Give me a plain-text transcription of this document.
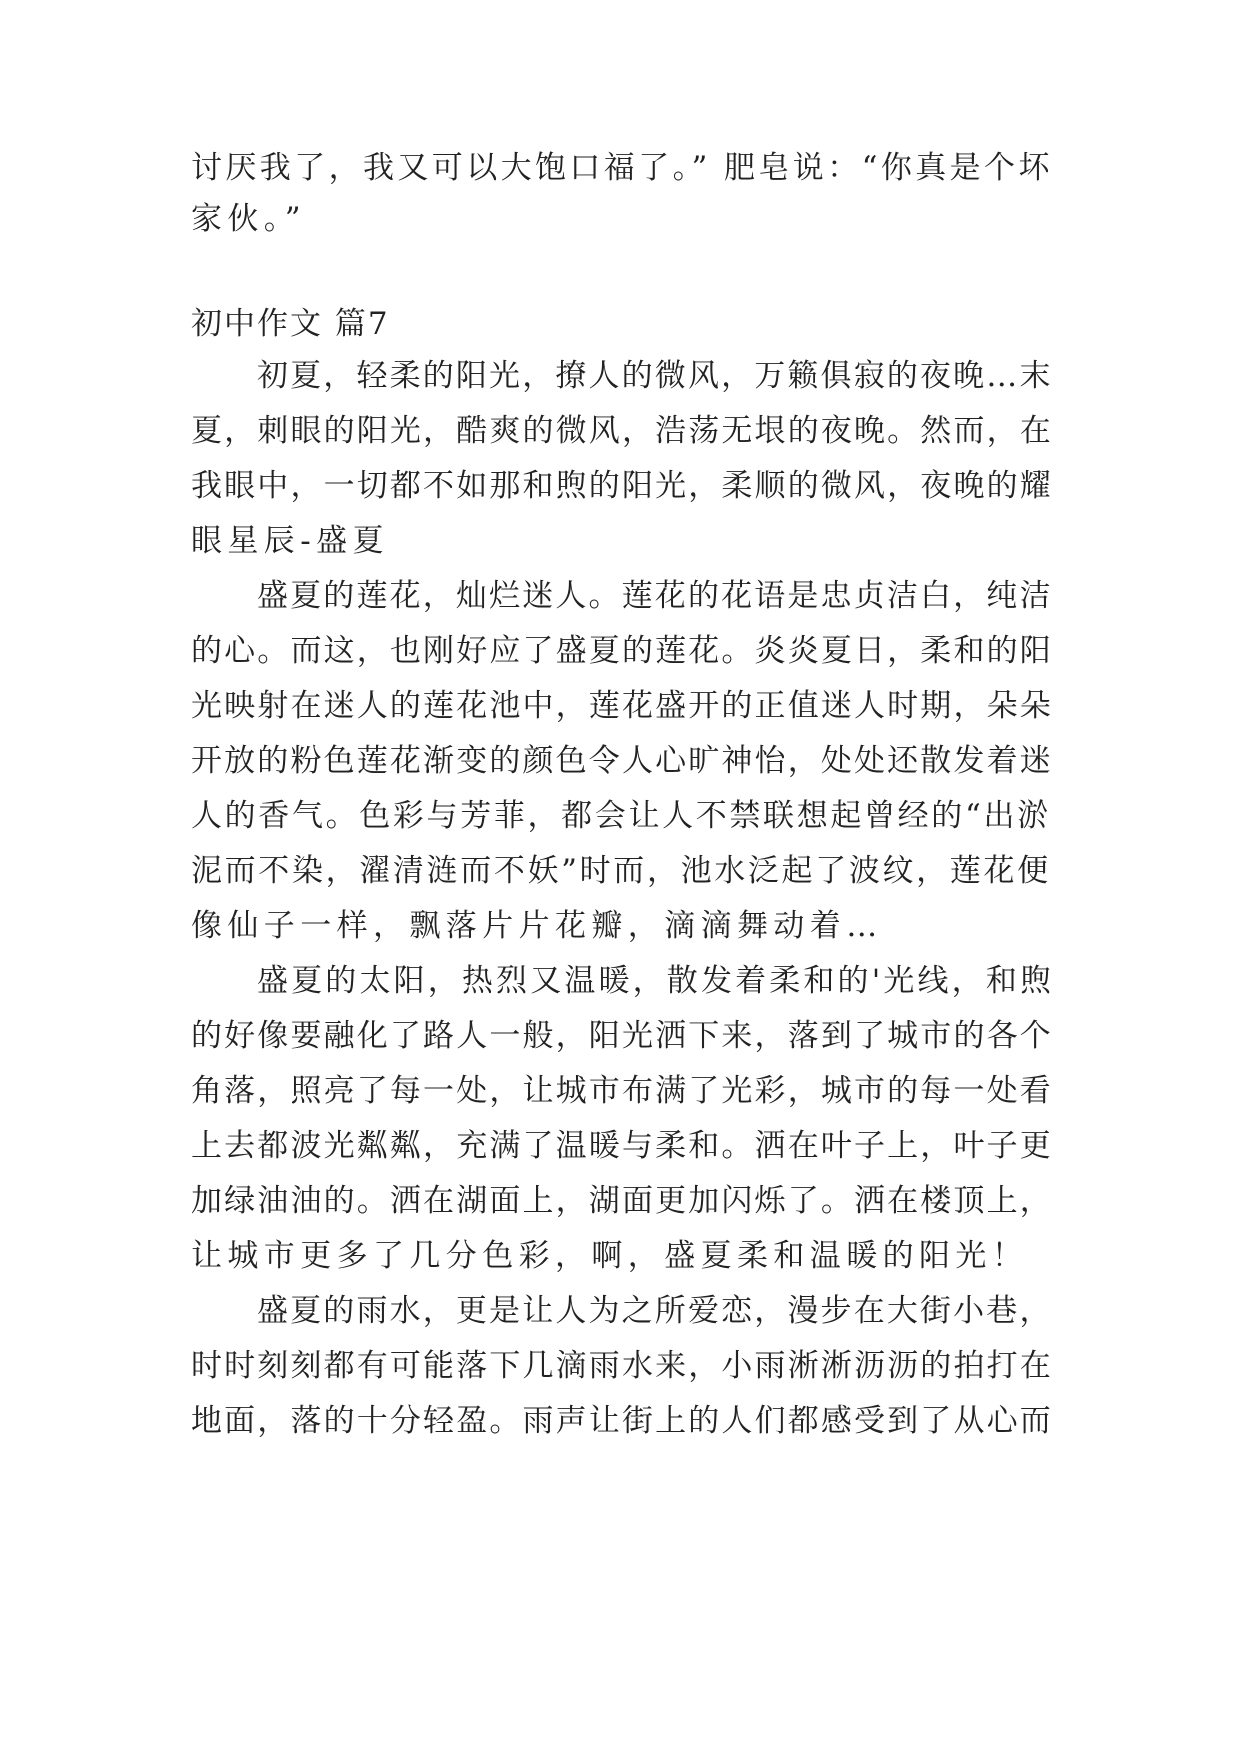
讨厌我了，我又可以大饱口福了。” 肥皂说：“你真是个坏
家伙。”
初中作文 篇7
初夏，轻柔的阳光，撩人的微风，万籁俱寂的夜晚…末
夏，刺眼的阳光，酷爽的微风，浩荡无垠的夜晚。然而，在
我眼中，一切都不如那和煦的阳光，柔顺的微风，夜晚的耀
眼星辰-盛夏
盛夏的莲花，灿烂迷人。莲花的花语是忠贞洁白，纯洁
的心。而这，也刚好应了盛夏的莲花。炎炎夏日，柔和的阳
光映射在迷人的莲花池中，莲花盛开的正值迷人时期，朵朵
开放的粉色莲花渐变的颜色令人心旷神怡，处处还散发着迷
人的香气。色彩与芳菲，都会让人不禁联想起曾经的“出淤
泥而不染，濯清涟而不妖”时而，池水泛起了波纹，莲花便
像仙子一样，飘落片片花瓣，滴滴舞动着…
盛夏的太阳，热烈又温暖，散发着柔和的'光线，和煦
的好像要融化了路人一般，阳光洒下来，落到了城市的各个
角落，照亮了每一处，让城市布满了光彩，城市的每一处看
上去都波光粼粼，充满了温暖与柔和。洒在叶子上，叶子更
加绿油油的。洒在湖面上，湖面更加闪烁了。洒在楼顶上，
让城市更多了几分色彩，啊，盛夏柔和温暖的阳光！
盛夏的雨水，更是让人为之所爱恋，漫步在大街小巷，
时时刻刻都有可能落下几滴雨水来，小雨淅淅沥沥的拍打在
地面，落的十分轻盈。雨声让街上的人们都感受到了从心而
